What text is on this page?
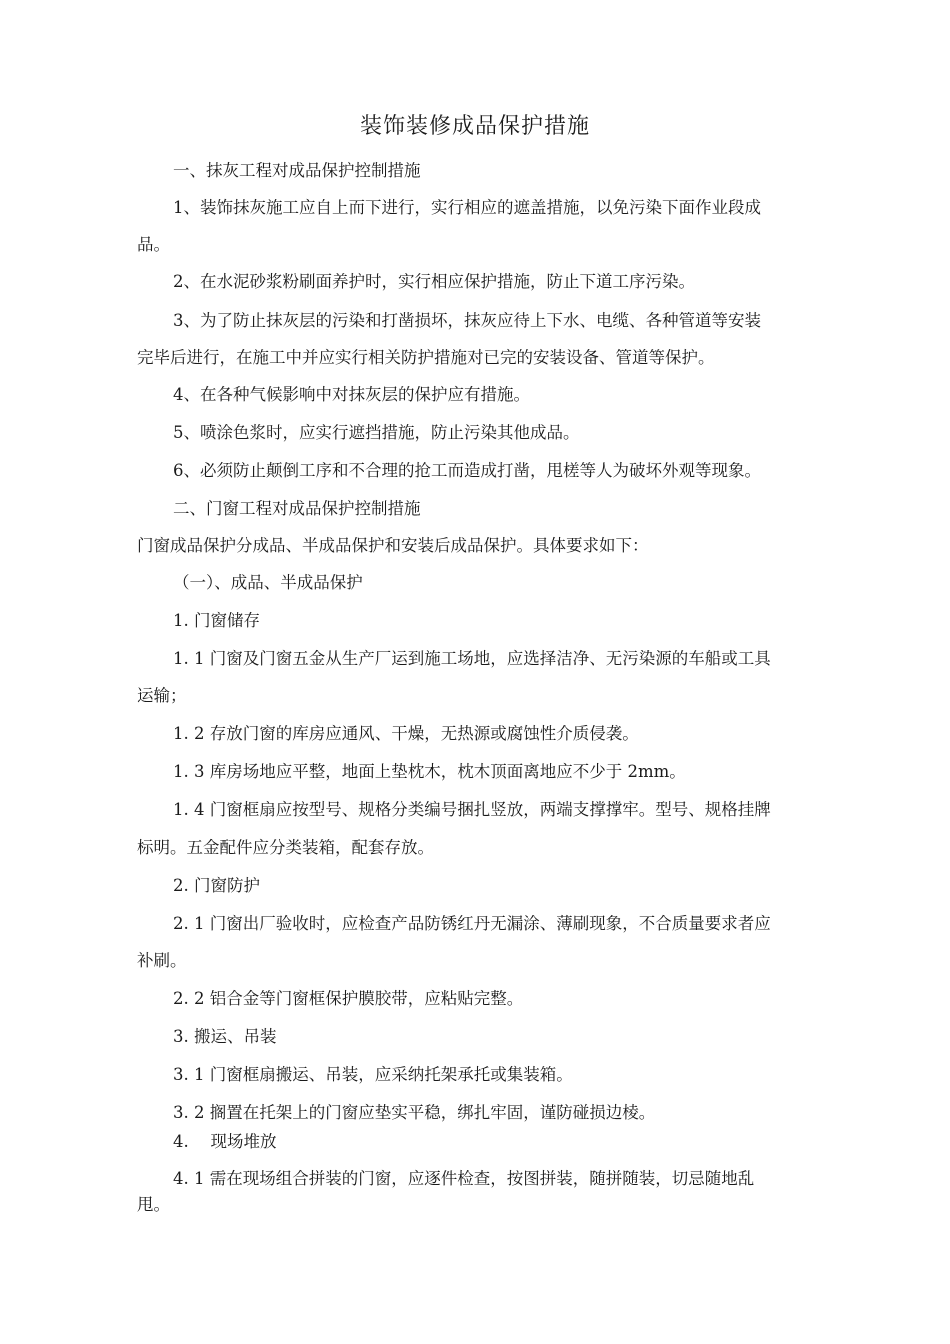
装饰装修成品保护措施
一、抹灰工程对成品保护控制措施
1、装饰抹灰施工应自上而下进行，实行相应的遮盖措施，以免污染下面作业段成
品。
2、在水泥砂浆粉刷面养护时，实行相应保护措施，防止下道工序污染。
3、为了防止抹灰层的污染和打凿损坏，抹灰应待上下水、电缆、各种管道等安装
完毕后进行，在施工中并应实行相关防护措施对已完的安装设备、管道等保护。
4、在各种气候影响中对抹灰层的保护应有措施。
5、喷涂色浆时，应实行遮挡措施，防止污染其他成品。
6、必须防止颠倒工序和不合理的抢工而造成打凿，甩槎等人为破坏外观等现象。
二、门窗工程对成品保护控制措施
门窗成品保护分成品、半成品保护和安装后成品保护。具体要求如下：
（一）、成品、半成品保护
1. 门窗储存
1. 1 门窗及门窗五金从生产厂运到施工场地，应选择洁净、无污染源的车船或工具
运输；
1. 2 存放门窗的库房应通风、干燥，无热源或腐蚀性介质侵袭。
1. 3 库房场地应平整，地面上垫枕木，枕木顶面离地应不少于 2mm。
1. 4 门窗框扇应按型号、规格分类编号捆扎竖放，两端支撑撑牢。型号、规格挂牌
标明。五金配件应分类装箱，配套存放。
2. 门窗防护
2. 1 门窗出厂验收时，应检查产品防锈红丹无漏涂、薄刷现象，不合质量要求者应
补刷。
2. 2 铝合金等门窗框保护膜胶带，应粘贴完整。
3. 搬运、吊装
3. 1 门窗框扇搬运、吊装，应采纳托架承托或集装箱。
3. 2 搁置在托架上的门窗应垫实平稳，绑扎牢固，谨防碰损边棱。
4.　 现场堆放
4. 1 需在现场组合拼装的门窗，应逐件检查，按图拼装，随拼随装，切忌随地乱
甩。
